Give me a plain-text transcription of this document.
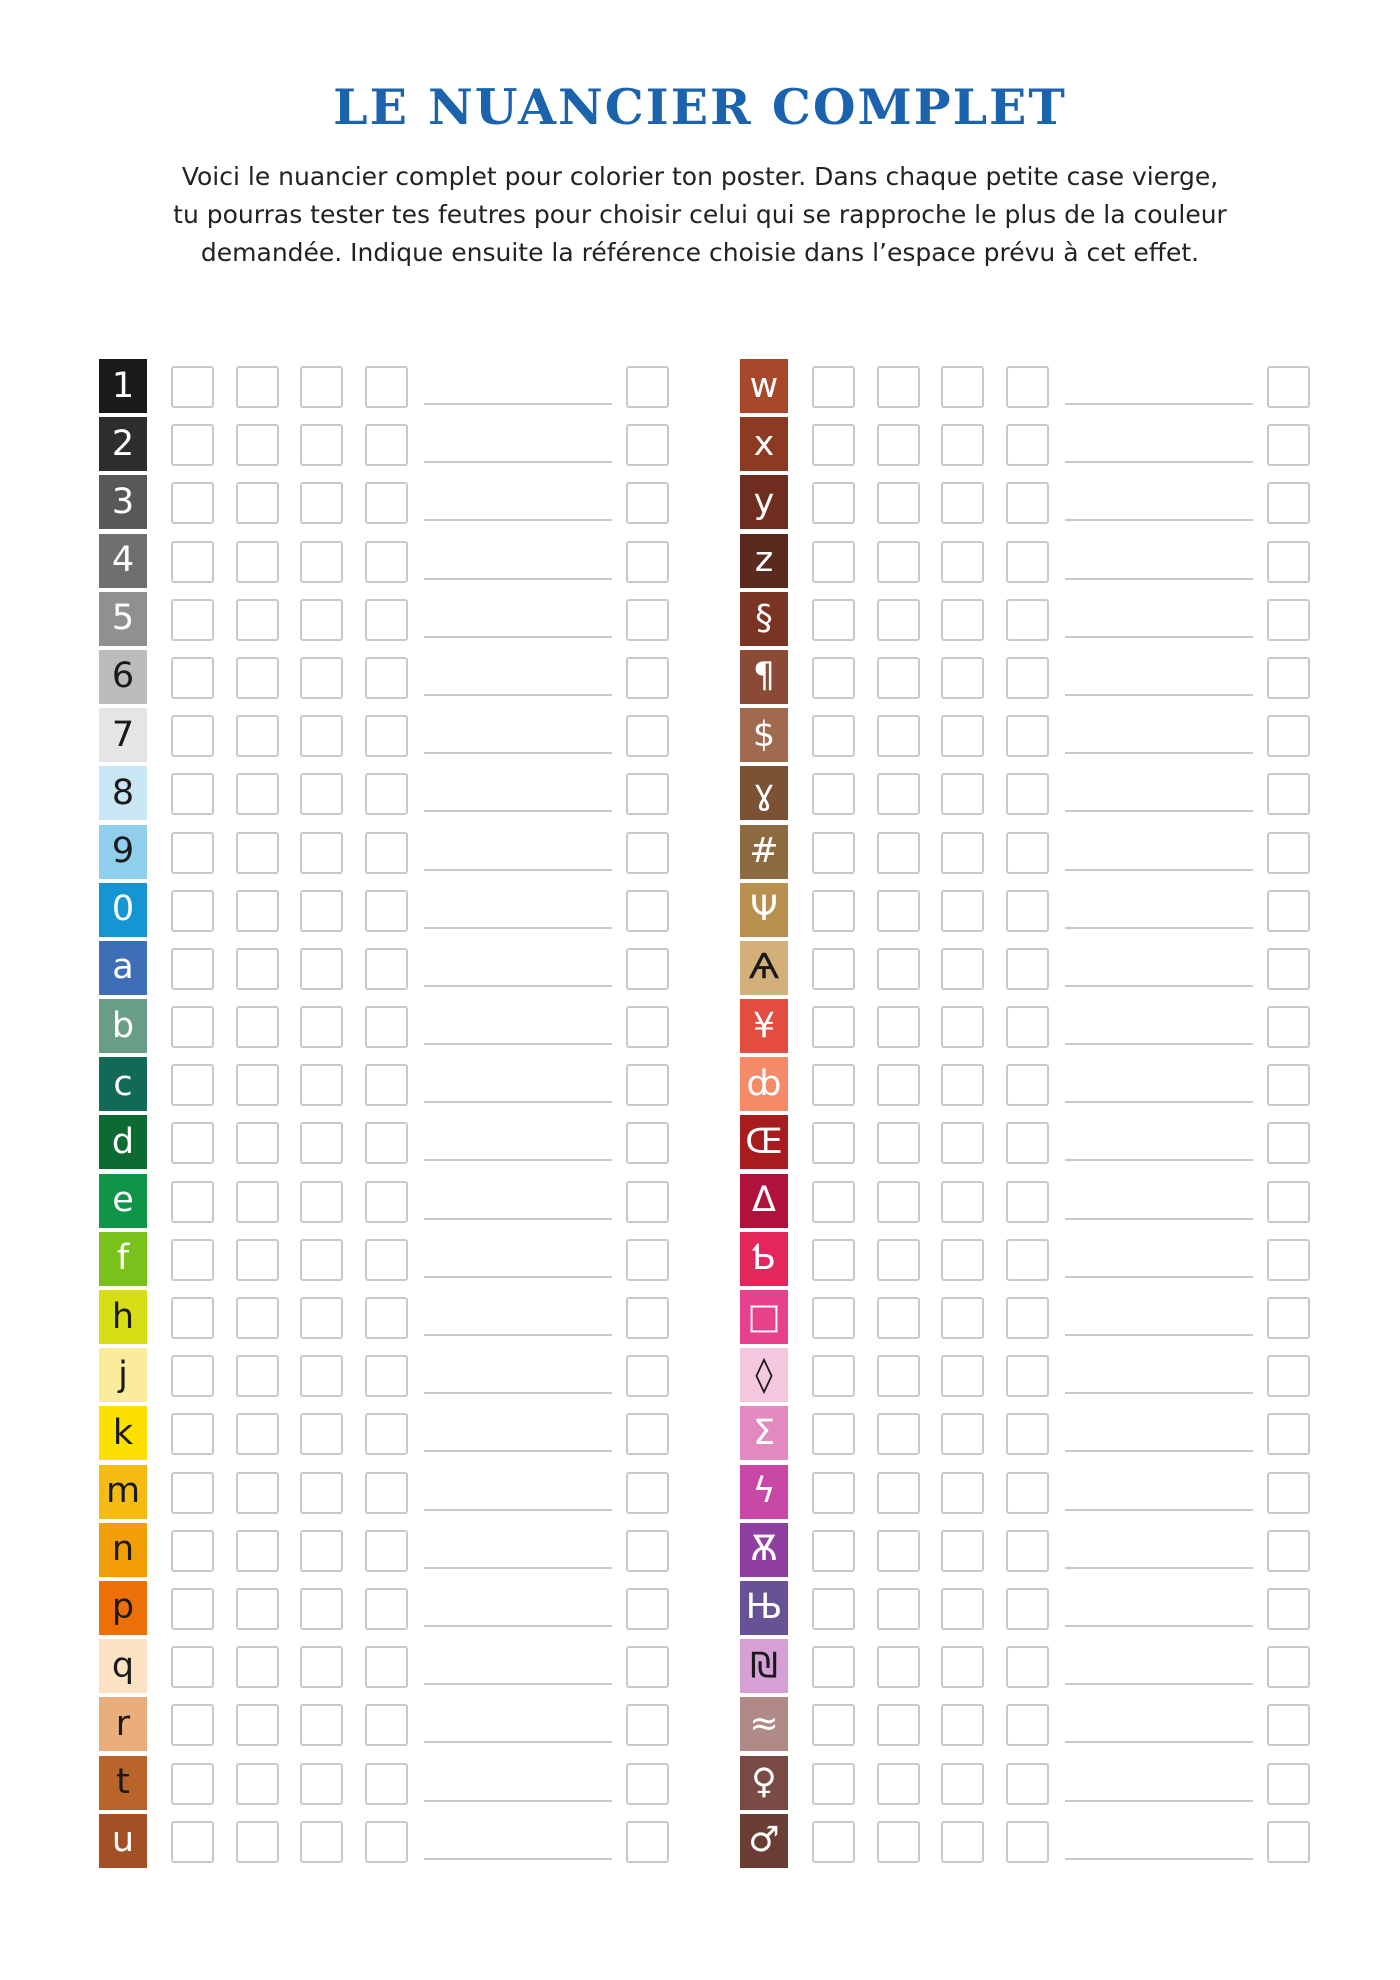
LE NUANCIER COMPLET
Voici le nuancier complet pour colorier ton poster. Dans chaque petite case vierge,
tu pourras tester tes feutres pour choisir celui qui se rapproche le plus de la couleur
demandée. Indique ensuite la référence choisie dans l’espace prévu à cet effet.
1
2
3
4
5
6
7
8
9
0
a
b
c
d
e
f
h
j
k
m
n
p
q
r
t
u
w
x
y
z
§
¶
$
ɣ
#
Ψ
Ѧ
¥
ȸ
Œ
Δ
Ƅ
□
◊
Σ
ϟ
Ѫ
Њ
₪
≈
♀
♂
